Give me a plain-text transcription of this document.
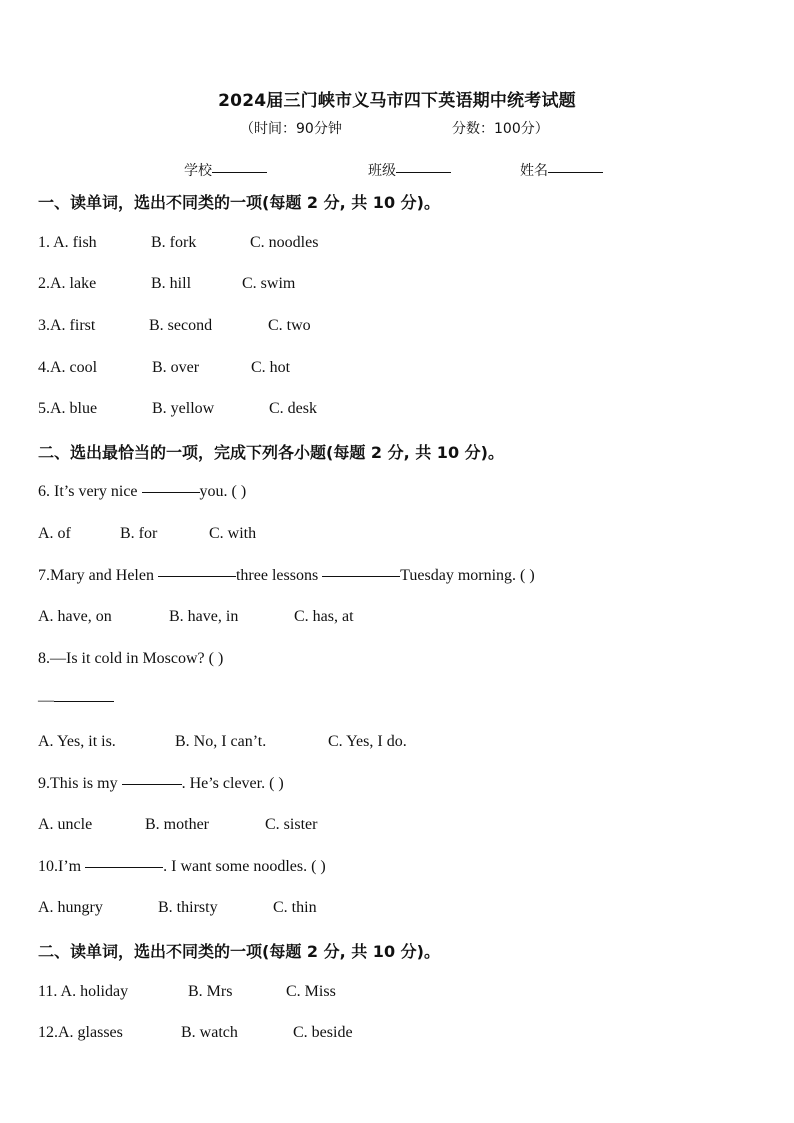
2024届三门峡市义马市四下英语期中统考试题
（时间：90分钟	分数：100分）
学校	班级	姓名
一、读单词，选出不同类的一项(每题 2 分, 共 10 分)。
1. A. fish	B. fork	C. noodles
2.A. lake	B. hill	C. swim
3.A. first	B. second	C. two
4.A. cool	B. over	C. hot
5.A. blue	B. yellow	C. desk
二、选出最恰当的一项，完成下列各小题(每题 2 分, 共 10 分)。
6. It’s very nice	you. ( )
A. of	B. for	C. with
7.Mary and Helen	three lessons	Tuesday morning. ( )
A. have, on	B. have, in	C. has, at
8.—Is it cold in Moscow? ( )
—
A. Yes, it is.	B. No, I can’t.	C. Yes, I do.
9.This is my	. He’s clever. ( )
A. uncle	B. mother	C. sister
10.I’m	. I want some noodles. ( )
A. hungry	B. thirsty	C. thin
二、读单词，选出不同类的一项(每题 2 分, 共 10 分)。
11. A. holiday	B. Mrs	C. Miss
12.A. glasses	B. watch	C. beside
